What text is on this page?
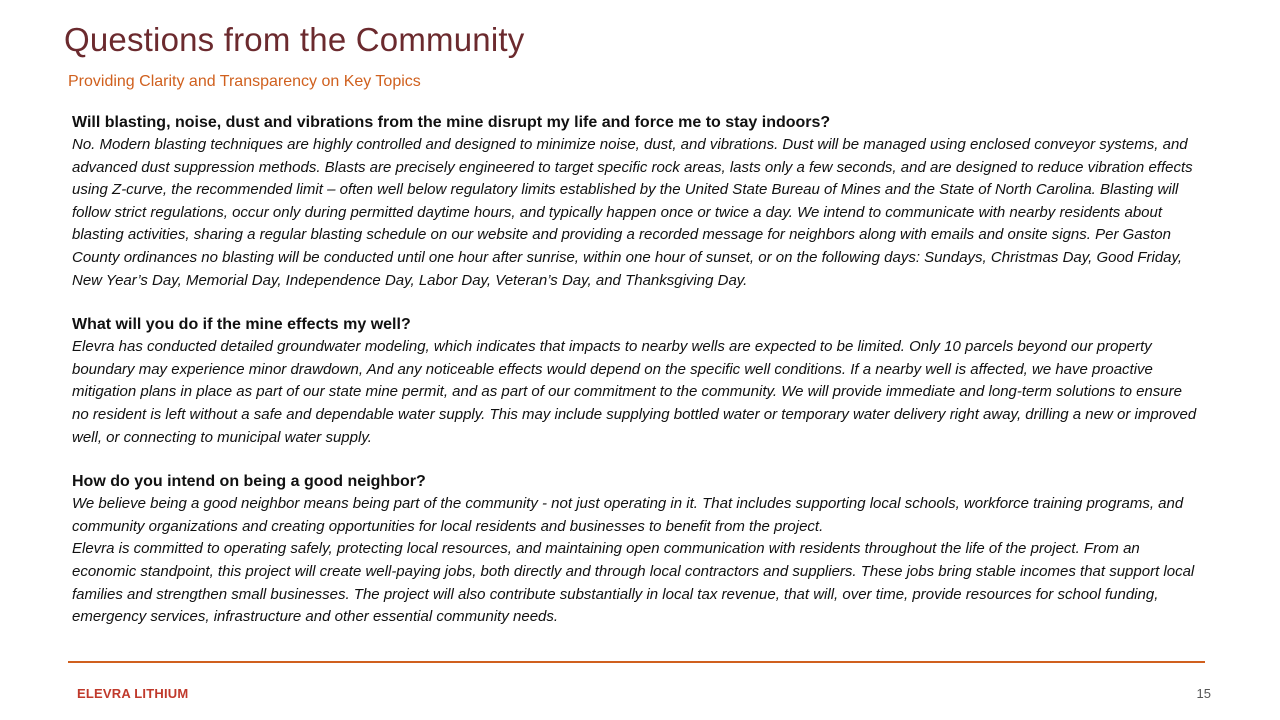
Questions from the Community
Providing Clarity and Transparency on Key Topics
Will blasting, noise, dust and vibrations from the mine disrupt my life and force me to stay indoors?

No. Modern blasting techniques are highly controlled and designed to minimize noise, dust, and vibrations. Dust will be managed using enclosed conveyor systems, and advanced dust suppression methods. Blasts are precisely engineered to target specific rock areas, lasts only a few seconds, and are designed to reduce vibration effects using Z-curve, the recommended limit – often well below regulatory limits established by the United State Bureau of Mines and the State of North Carolina. Blasting will follow strict regulations, occur only during permitted daytime hours, and typically happen once or twice a day. We intend to communicate with nearby residents about blasting activities, sharing a regular blasting schedule on our website and providing a recorded message for neighbors along with emails and onsite signs. Per Gaston County ordinances no blasting will be conducted until one hour after sunrise, within one hour of sunset, or on the following days: Sundays, Christmas Day, Good Friday, New Year’s Day, Memorial Day, Independence Day, Labor Day, Veteran’s Day, and Thanksgiving Day.

What will you do if the mine effects my well?

Elevra has conducted detailed groundwater modeling, which indicates that impacts to nearby wells are expected to be limited. Only 10 parcels beyond our property boundary may experience minor drawdown, And any noticeable effects would depend on the specific well conditions. If a nearby well is affected, we have proactive mitigation plans in place as part of our state mine permit, and as part of our commitment to the community. We will provide immediate and long-term solutions to ensure no resident is left without a safe and dependable water supply. This may include supplying bottled water or temporary water delivery right away, drilling a new or improved well, or connecting to municipal water supply.

How do you intend on being a good neighbor?

We believe being a good neighbor means being part of the community - not just operating in it. That includes supporting local schools, workforce training programs, and community organizations and creating opportunities for local residents and businesses to benefit from the project.

Elevra is committed to operating safely, protecting local resources, and maintaining open communication with residents throughout the life of the project. From an economic standpoint, this project will create well-paying jobs, both directly and through local contractors and suppliers. These jobs bring stable incomes that support local families and strengthen small businesses. The project will also contribute substantially in local tax revenue, that will, over time, provide resources for school funding, emergency services, infrastructure and other essential community needs.

ELEVRA LITHIUM	15
